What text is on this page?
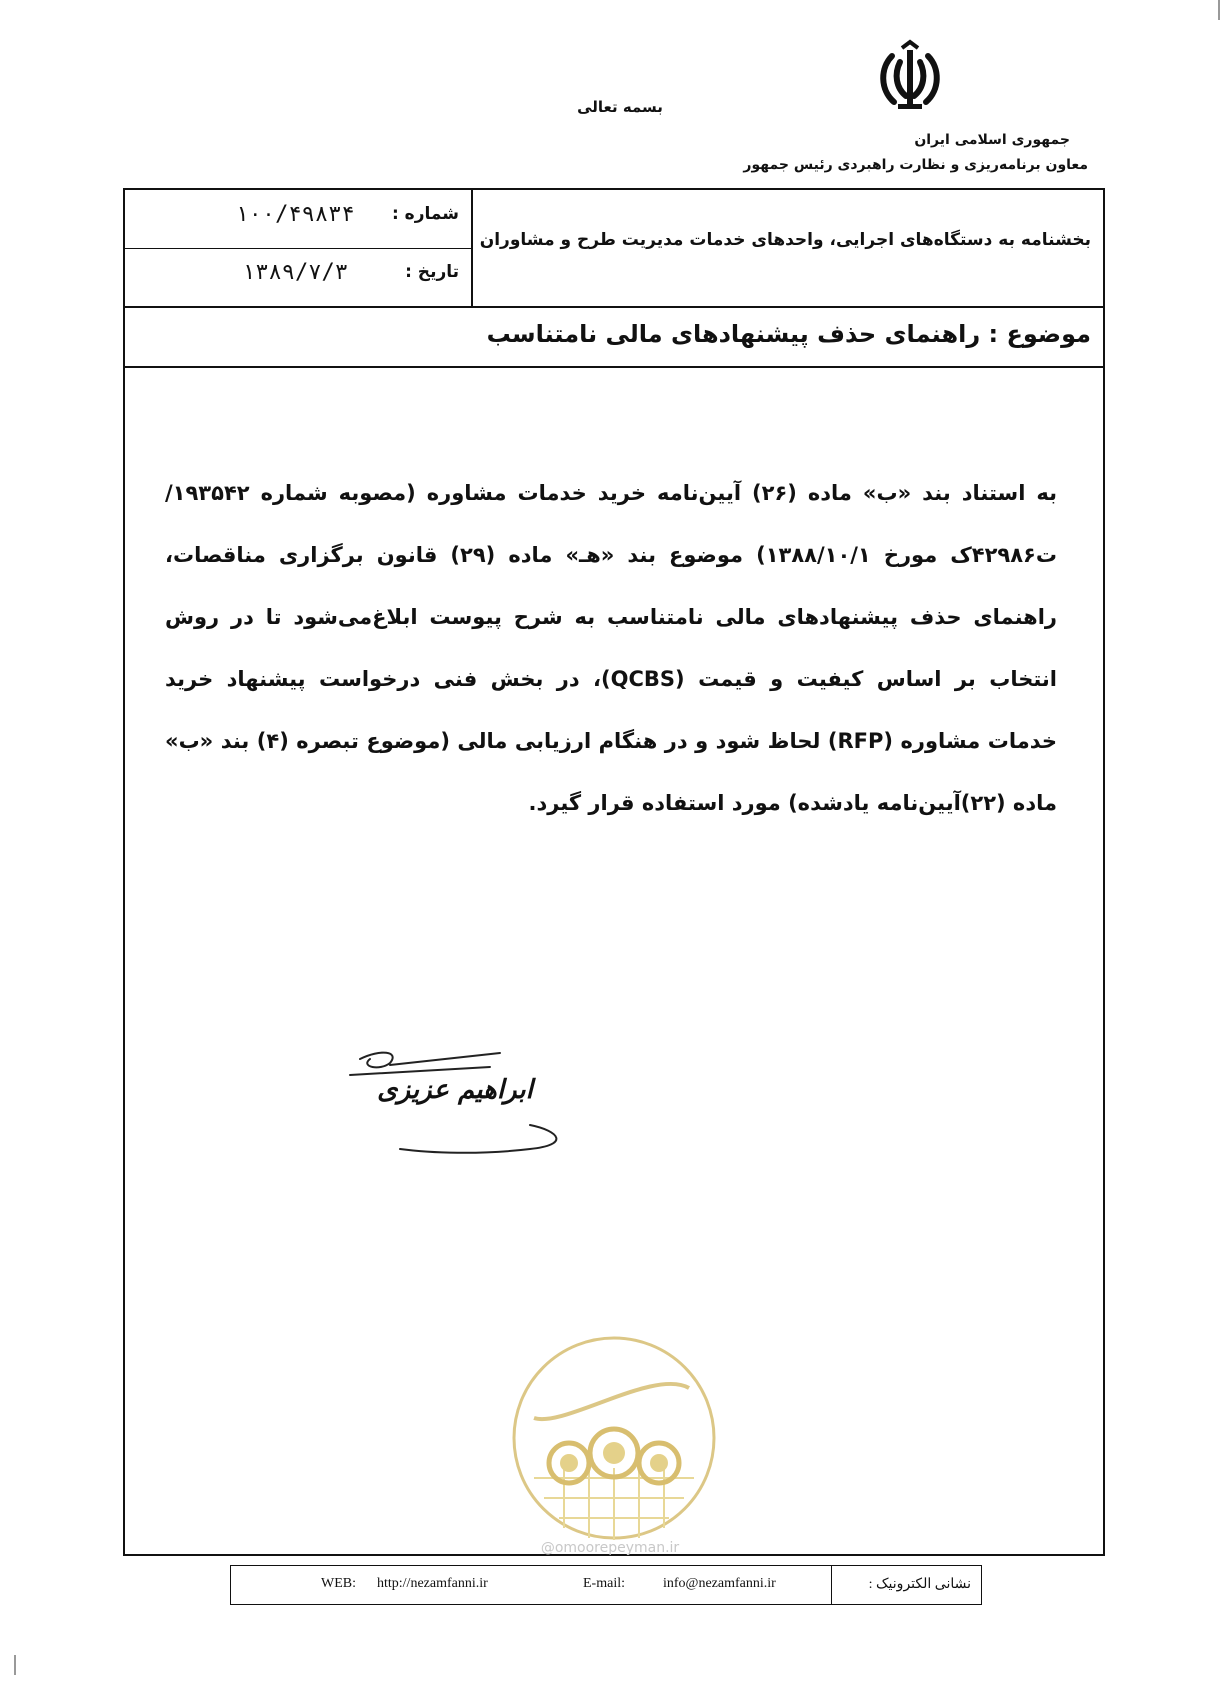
بسمه تعالی
جمهوری اسلامی ایران
معاون برنامه‌ریزی و نظارت راهبردی رئیس جمهور
شماره :
۱۰۰/۴۹۸۳۴
تاریخ :
۱۳۸۹/۷/۳
بخشنامه به دستگاه‌های اجرایی، واحدهای خدمات مدیریت طرح و مشاوران
موضوع : راهنمای حذف پیشنهادهای مالی نامتناسب
به استناد بند «ب» ماده (۲۶) آیین‌نامه خرید خدمات مشاوره (مصوبه شماره ۱۹۳۵۴۲/ت۴۲۹۸۶ک مورخ ۱۳۸۸/۱۰/۱) موضوع بند «هـ» ماده (۲۹) قانون برگزاری مناقصات، راهنمای حذف پیشنهادهای مالی نامتناسب به شرح پیوست ابلاغ‌می‌شود تا در روش انتخاب بر اساس کیفیت و قیمت (QCBS)، در بخش فنی درخواست پیشنهاد خرید خدمات مشاوره (RFP) لحاظ شود و در هنگام ارزیابی مالی (موضوع تبصره (۴) بند «ب» ماده (۲۲)آیین‌نامه یادشده) مورد استفاده قرار گیرد.
ابراهیم عزیزی
@omoorepeyman.ir
نشانی الکترونیک :
E-mail:	info@nezamfanni.ir
WEB: http://nezamfanni.ir
